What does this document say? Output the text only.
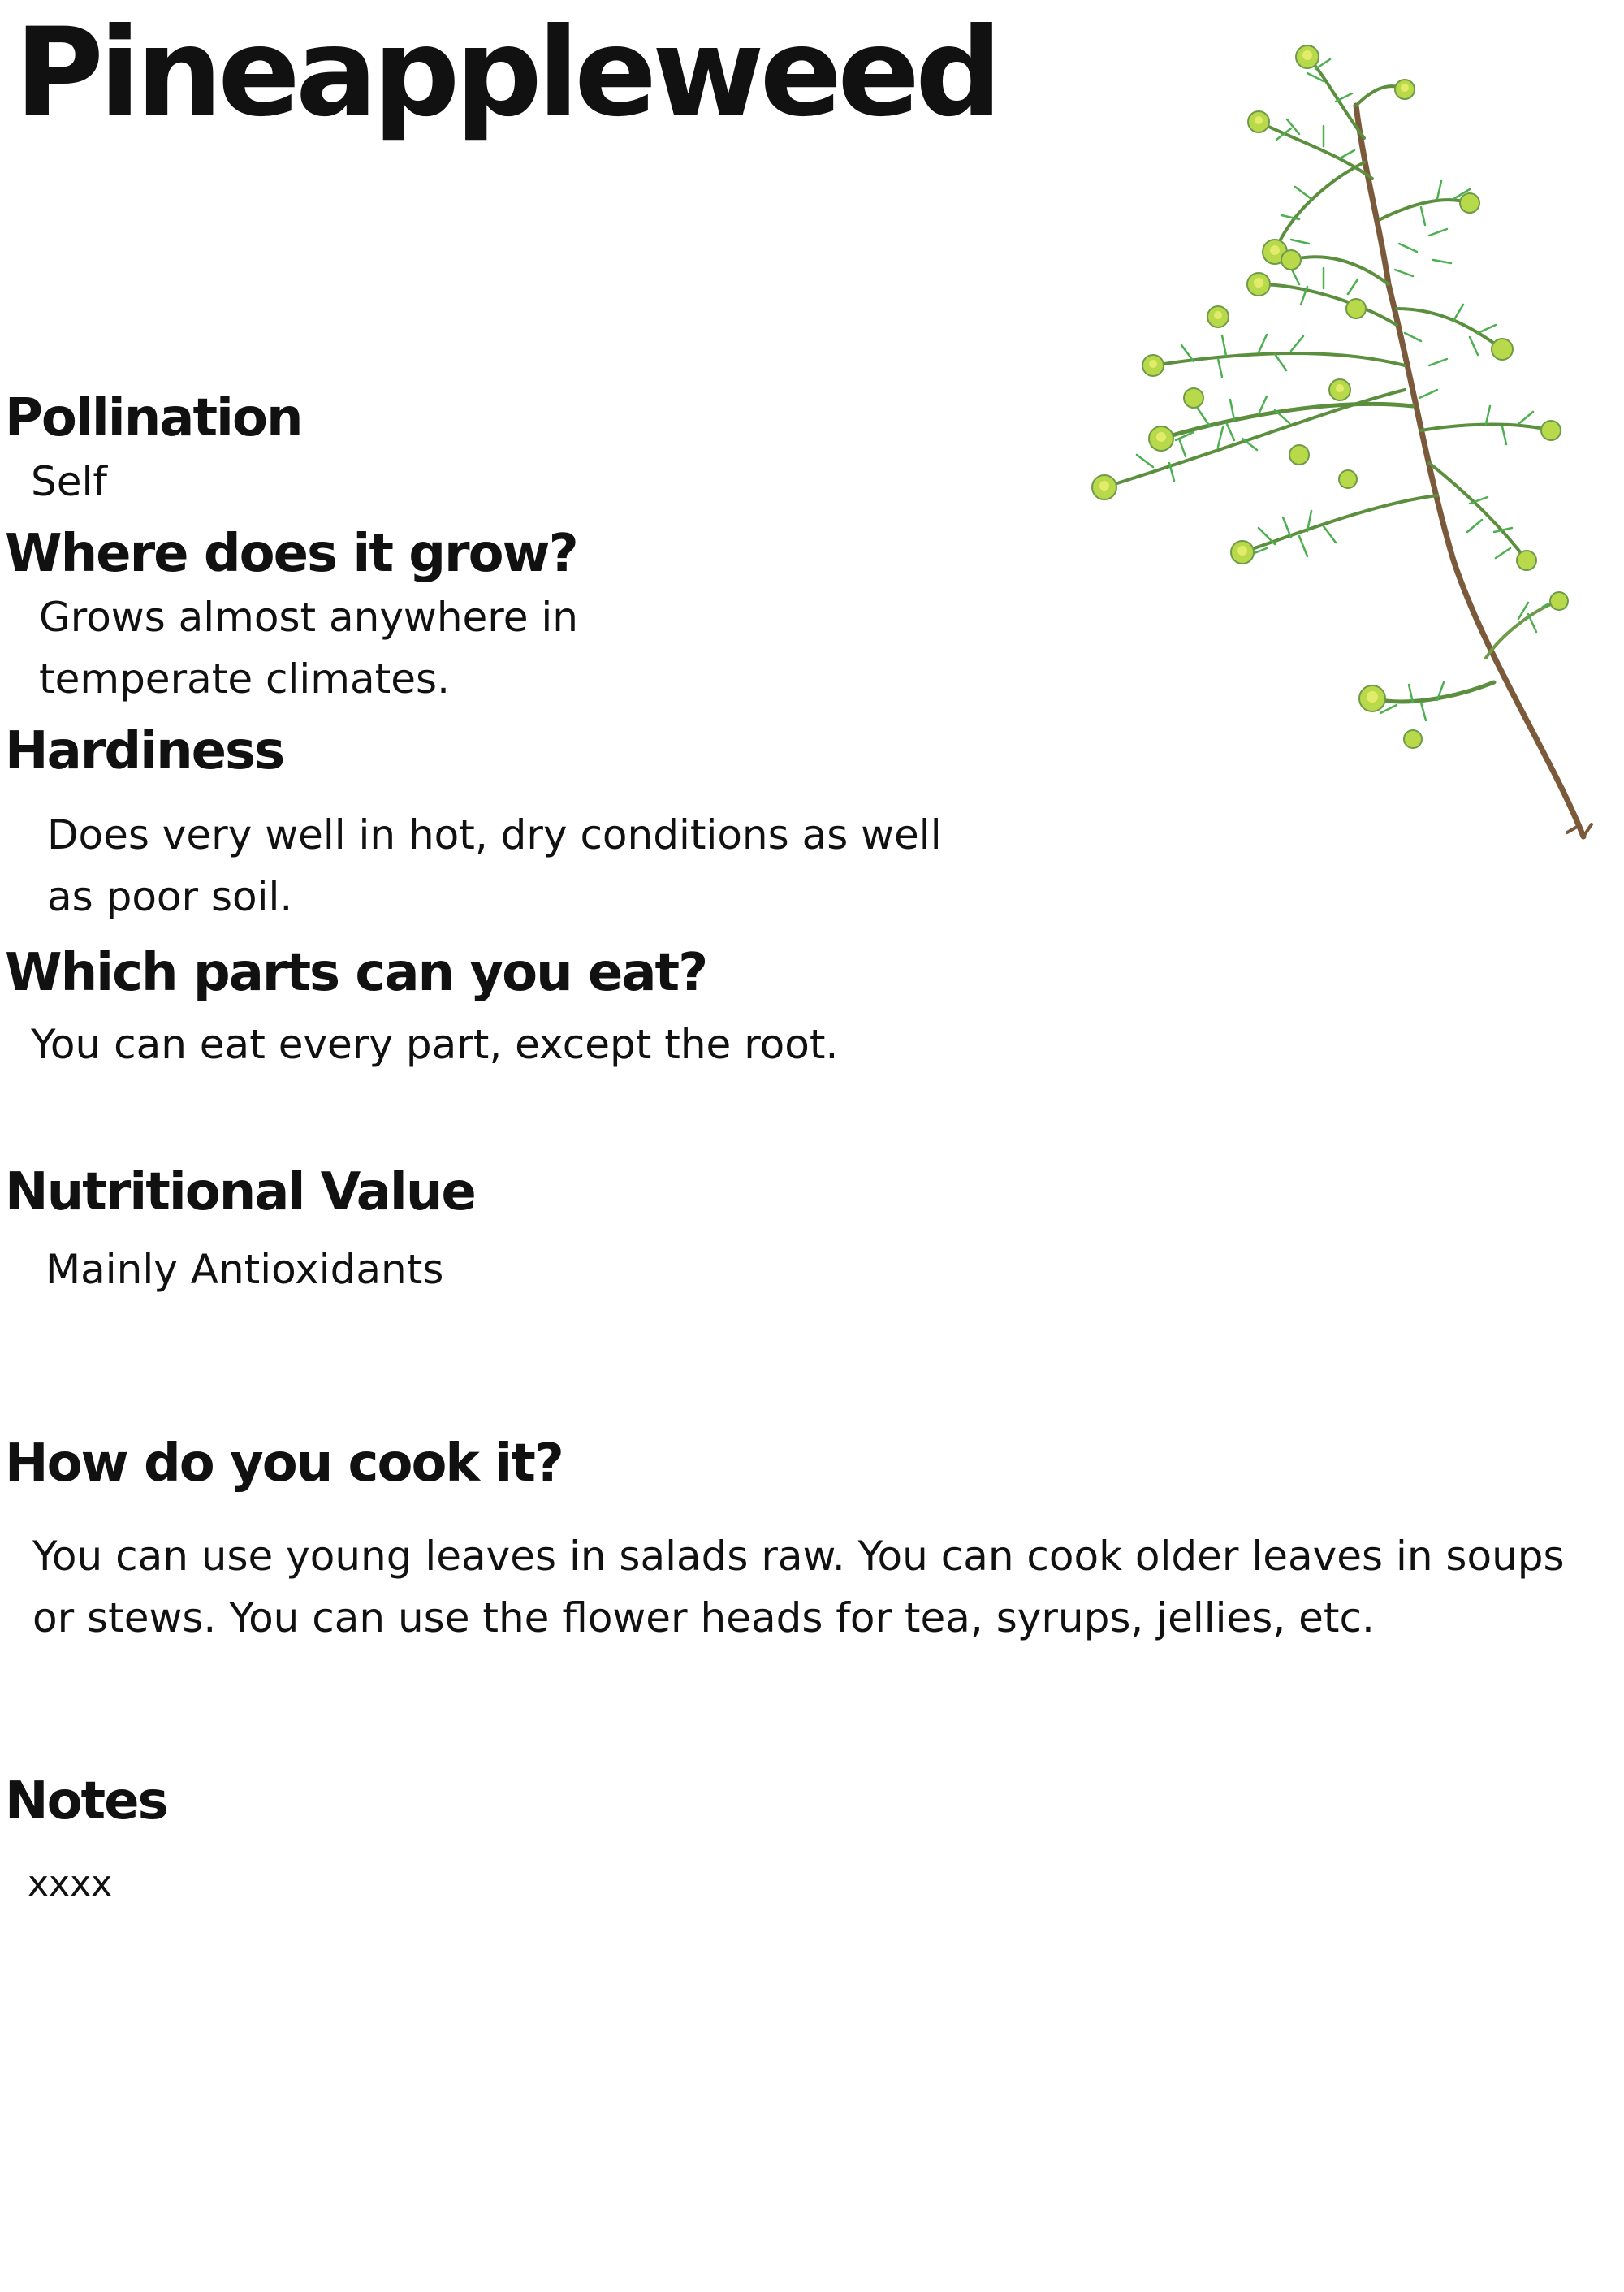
Pineappleweed
Pollination

Self

Where does it grow?

Grows almost anywhere in temperate climates.

Hardiness

Does very well in hot, dry conditions as well as poor soil.

Which parts can you eat?

You can eat every part, except the root.

Nutritional Value

Mainly Antioxidants

How do you cook it?

You can use young leaves in salads raw. You can cook older leaves in soups or stews. You can use the flower heads for tea, syrups, jellies, etc.

Notes

xxxx
